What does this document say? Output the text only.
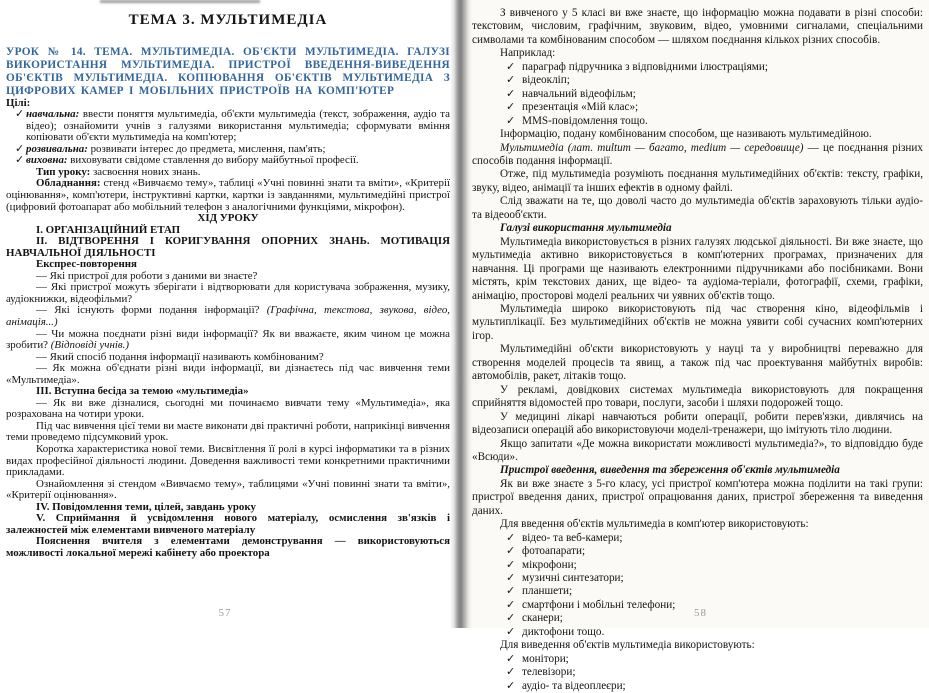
ТЕМА 3. МУЛЬТИМЕДІА

УРОК № 14. ТЕМА. МУЛЬТИМЕДІА. ОБ'ЄКТИ МУЛЬТИМЕДІА. ГАЛУЗІ ВИКОРИСТАННЯ МУЛЬТИМЕДІА. ПРИСТРОЇ ВВЕДЕННЯ-ВИВЕДЕННЯ ОБ'ЄКТІВ МУЛЬТИМЕДІА. КОПІЮВАННЯ ОБ'ЄКТІВ МУЛЬТИМЕДІА З ЦИФРОВИХ КАМЕР І МОБІЛЬНИХ ПРИСТРОЇВ НА КОМП'ЮТЕР

Цілі:

✓ навчальна: ввести поняття мультимедіа, об'єкти мультимедіа (текст, зображення, аудіо та відео); ознайомити учнів з галузями використання мультимедіа; сформувати вміння копіювати об'єкти мультимедіа на комп'ютер;

✓ розвивальна: розвивати інтерес до предмета, мислення, пам'ять;

✓ виховна: виховувати свідоме ставлення до вибору майбутньої професії.

Тип уроку: засвоєння нових знань.

Обладнання: стенд «Вивчаємо тему», таблиці «Учні повинні знати та вміти», «Критерії оцінювання», комп'ютери, інструктивні картки, картки із завданнями, мультимедійні пристрої (цифровий фотоапарат або мобільний телефон з аналогічними функціями, мікрофон).

ХІД УРОКУ

І. ОРГАНІЗАЦІЙНИЙ ЕТАП

ІІ. ВІДТВОРЕННЯ І КОРИГУВАННЯ ОПОРНИХ ЗНАНЬ. МОТИВАЦІЯ НАВЧАЛЬНОЇ ДІЯЛЬНОСТІ

Експрес-повторення

— Які пристрої для роботи з даними ви знаєте?

— Які пристрої можуть зберігати і відтворювати для користувача зображення, музику, аудіокнижки, відеофільми?

— Які існують форми подання інформації? (Графічна, текстова, звукова, відео, анімація...)

— Чи можна поєднати різні види інформації? Як ви вважаєте, яким чином це можна зробити? (Відповіді учнів.)

— Який спосіб подання інформації називають комбінованим?

— Як можна об'єднати різні види інформації, ви дізнаєтесь під час вивчення теми «Мультимедіа».

ІІІ. Вступна бесіда за темою «мультимедіа»

— Як ви вже дізналися, сьогодні ми починаємо вивчати тему «Мультимедіа», яка розрахована на чотири уроки.

Під час вивчення цієї теми ви маєте виконати дві практичні роботи, наприкінці вивчення теми проведемо підсумковий урок.

Коротка характеристика нової теми. Висвітлення її ролі в курсі інформатики та в різних видах професійної діяльності людини. Доведення важливості теми конкретними практичними прикладами.

Ознайомлення зі стендом «Вивчаємо тему», таблицями «Учні повинні знати та вміти», «Критерії оцінювання».

IV. Повідомлення теми, цілей, завдань уроку

V. Сприймання й усвідомлення нового матеріалу, осмислення зв'язків і залежностей між елементами вивченого матеріалу

Пояснення вчителя з елементами демонстрування — використовуються можливості локальної мережі кабінету або проектора

57

З вивченого у 5 класі ви вже знаєте, що інформацію можна подавати в різні способи: текстовим, числовим, графічним, звуковим, відео, умовними сигналами, спеціальними символами та комбінованим способом — шляхом поєднання кількох різних способів.

Наприклад:

✓ параграф підручника з відповідними ілюстраціями;

✓ відеокліп;

✓ навчальний відеофільм;

✓ презентація «Мій клас»;

✓ MMS-повідомлення тощо.

Інформацію, подану комбінованим способом, ще називають мультимедійною.

Мультимедіа (лат. multum — багато, medium — середовище) — це поєднання різних способів подання інформації.

Отже, під мультимедіа розуміють поєднання мультимедійних об'єктів: тексту, графіки, звуку, відео, анімації та інших ефектів в одному файлі.

Слід зважати на те, що доволі часто до мультимедіа об'єктів зараховують тільки аудіо- та відеооб'єкти.

Галузі використання мультимедіа

Мультимедіа використовується в різних галузях людської діяльності. Ви вже знаєте, що мультимедіа активно використовується в комп'ютерних програмах, призначених для навчання. Ці програми ще називають електронними підручниками або посібниками. Вони містять, крім текстових даних, ще відео- та аудіома-теріали, фотографії, схеми, графіки, анімацію, просторові моделі реальних чи уявних об'єктів тощо.

Мультимедіа широко використовують під час створення кіно, відеофільмів і мультиплікації. Без мультимедійних об'єктів не можна уявити собі сучасних комп'ютерних ігор.

Мультимедійні об'єкти використовують у науці та у виробництві переважно для створення моделей процесів та явищ, а також під час проектування майбутніх виробів: автомобілів, ракет, літаків тощо.

У рекламі, довідкових системах мультимедіа використовують для покращення сприйняття відомостей про товари, послуги, засоби і шляхи подорожей тощо.

У медицині лікарі навчаються робити операції, робити перев'язки, дивлячись на відеозаписи операцій або використовуючи моделі-тренажери, що імітують тіло людини.

Якщо запитати «Де можна використати можливості мультимедіа?», то відповіддю буде «Всюди».

Пристрої введення, виведення та збереження об'єктів мультимедіа

Як ви вже знаєте з 5-го класу, усі пристрої комп'ютера можна поділити на такі групи: пристрої введення даних, пристрої опрацювання даних, пристрої збереження та виведення даних.

Для введення об'єктів мультимедіа в комп'ютер використовують:

✓ відео- та веб-камери;

✓ фотоапарати;

✓ мікрофони;

✓ музичні синтезатори;

✓ планшети;

✓ смартфони і мобільні телефони;

✓ сканери;

✓ диктофони тощо.

Для виведення об'єктів мультимедіа використовують:

✓ монітори;

✓ телевізори;

✓ аудіо- та відеоплеєри;

58
